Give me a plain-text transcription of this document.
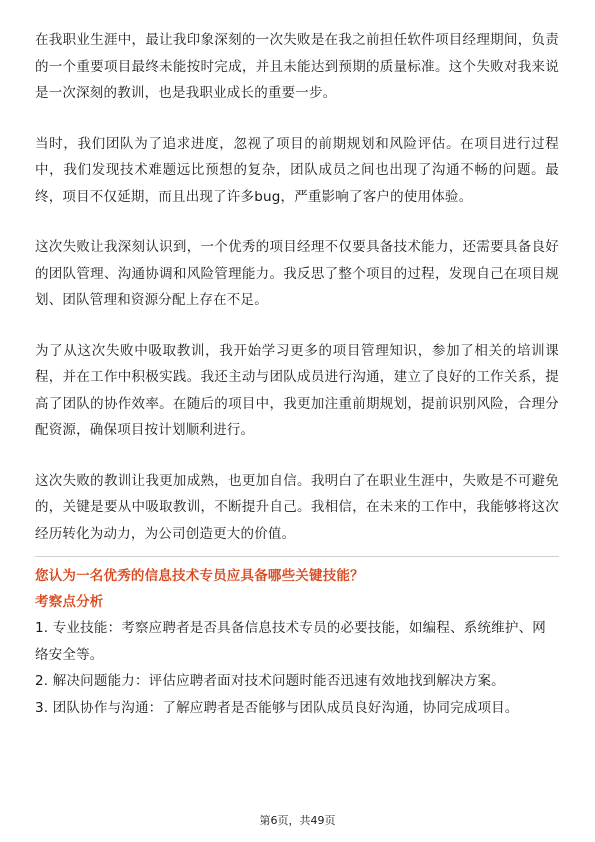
在我职业生涯中，最让我印象深刻的一次失败是在我之前担任软件项目经理期间，负责的一个重要项目最终未能按时完成，并且未能达到预期的质量标准。这个失败对我来说是一次深刻的教训，也是我职业成长的重要一步。

当时，我们团队为了追求进度，忽视了项目的前期规划和风险评估。在项目进行过程中，我们发现技术难题远比预想的复杂，团队成员之间也出现了沟通不畅的问题。最终，项目不仅延期，而且出现了许多bug，严重影响了客户的使用体验。

这次失败让我深刻认识到，一个优秀的项目经理不仅要具备技术能力，还需要具备良好的团队管理、沟通协调和风险管理能力。我反思了整个项目的过程，发现自己在项目规划、团队管理和资源分配上存在不足。

为了从这次失败中吸取教训，我开始学习更多的项目管理知识，参加了相关的培训课程，并在工作中积极实践。我还主动与团队成员进行沟通，建立了良好的工作关系，提高了团队的协作效率。在随后的项目中，我更加注重前期规划，提前识别风险，合理分配资源，确保项目按计划顺利进行。

这次失败的教训让我更加成熟，也更加自信。我明白了在职业生涯中，失败是不可避免的，关键是要从中吸取教训，不断提升自己。我相信，在未来的工作中，我能够将这次经历转化为动力，为公司创造更大的价值。

您认为一名优秀的信息技术专员应具备哪些关键技能？

考察点分析

1. 专业技能：考察应聘者是否具备信息技术专员的必要技能，如编程、系统维护、网络安全等。
2. 解决问题能力：评估应聘者面对技术问题时能否迅速有效地找到解决方案。
3. 团队协作与沟通：了解应聘者是否能够与团队成员良好沟通，协同完成项目。
第6页，共49页
